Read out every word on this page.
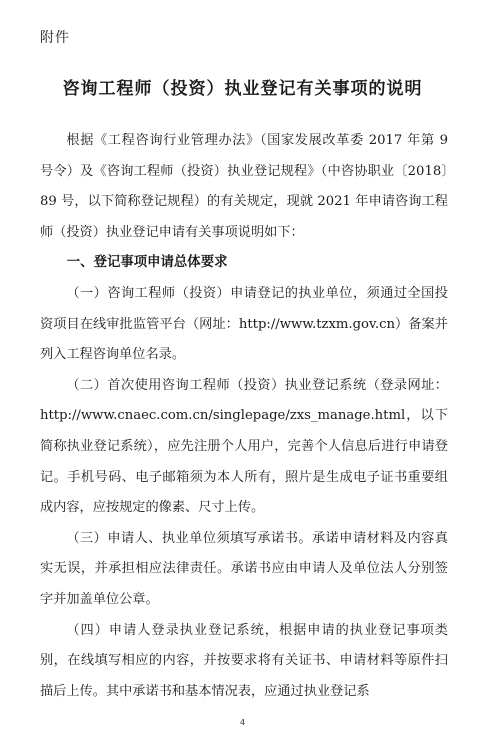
附件
咨询工程师（投资）执业登记有关事项的说明

根据《工程咨询行业管理办法》（国家发展改革委 2017 年第 9 号令）及《咨询工程师（投资）执业登记规程》（中咨协职业〔2018〕89 号，以下简称登记规程）的有关规定，现就 2021 年申请咨询工程师（投资）执业登记申请有关事项说明如下：

一、登记事项申请总体要求

（一）咨询工程师（投资）申请登记的执业单位，须通过全国投资项目在线审批监管平台（网址：http://www.tzxm.gov.cn）备案并列入工程咨询单位名录。

（二）首次使用咨询工程师（投资）执业登记系统（登录网址：http://www.cnaec.com.cn/singlepage/zxs_manage.html，以下简称执业登记系统），应先注册个人用户，完善个人信息后进行申请登记。手机号码、电子邮箱须为本人所有，照片是生成电子证书重要组成内容，应按规定的像素、尺寸上传。

（三）申请人、执业单位须填写承诺书。承诺申请材料及内容真实无误，并承担相应法律责任。承诺书应由申请人及单位法人分别签字并加盖单位公章。

（四）申请人登录执业登记系统，根据申请的执业登记事项类别，在线填写相应的内容，并按要求将有关证书、申请材料等原件扫描后上传。其中承诺书和基本情况表，应通过执业登记系

4
